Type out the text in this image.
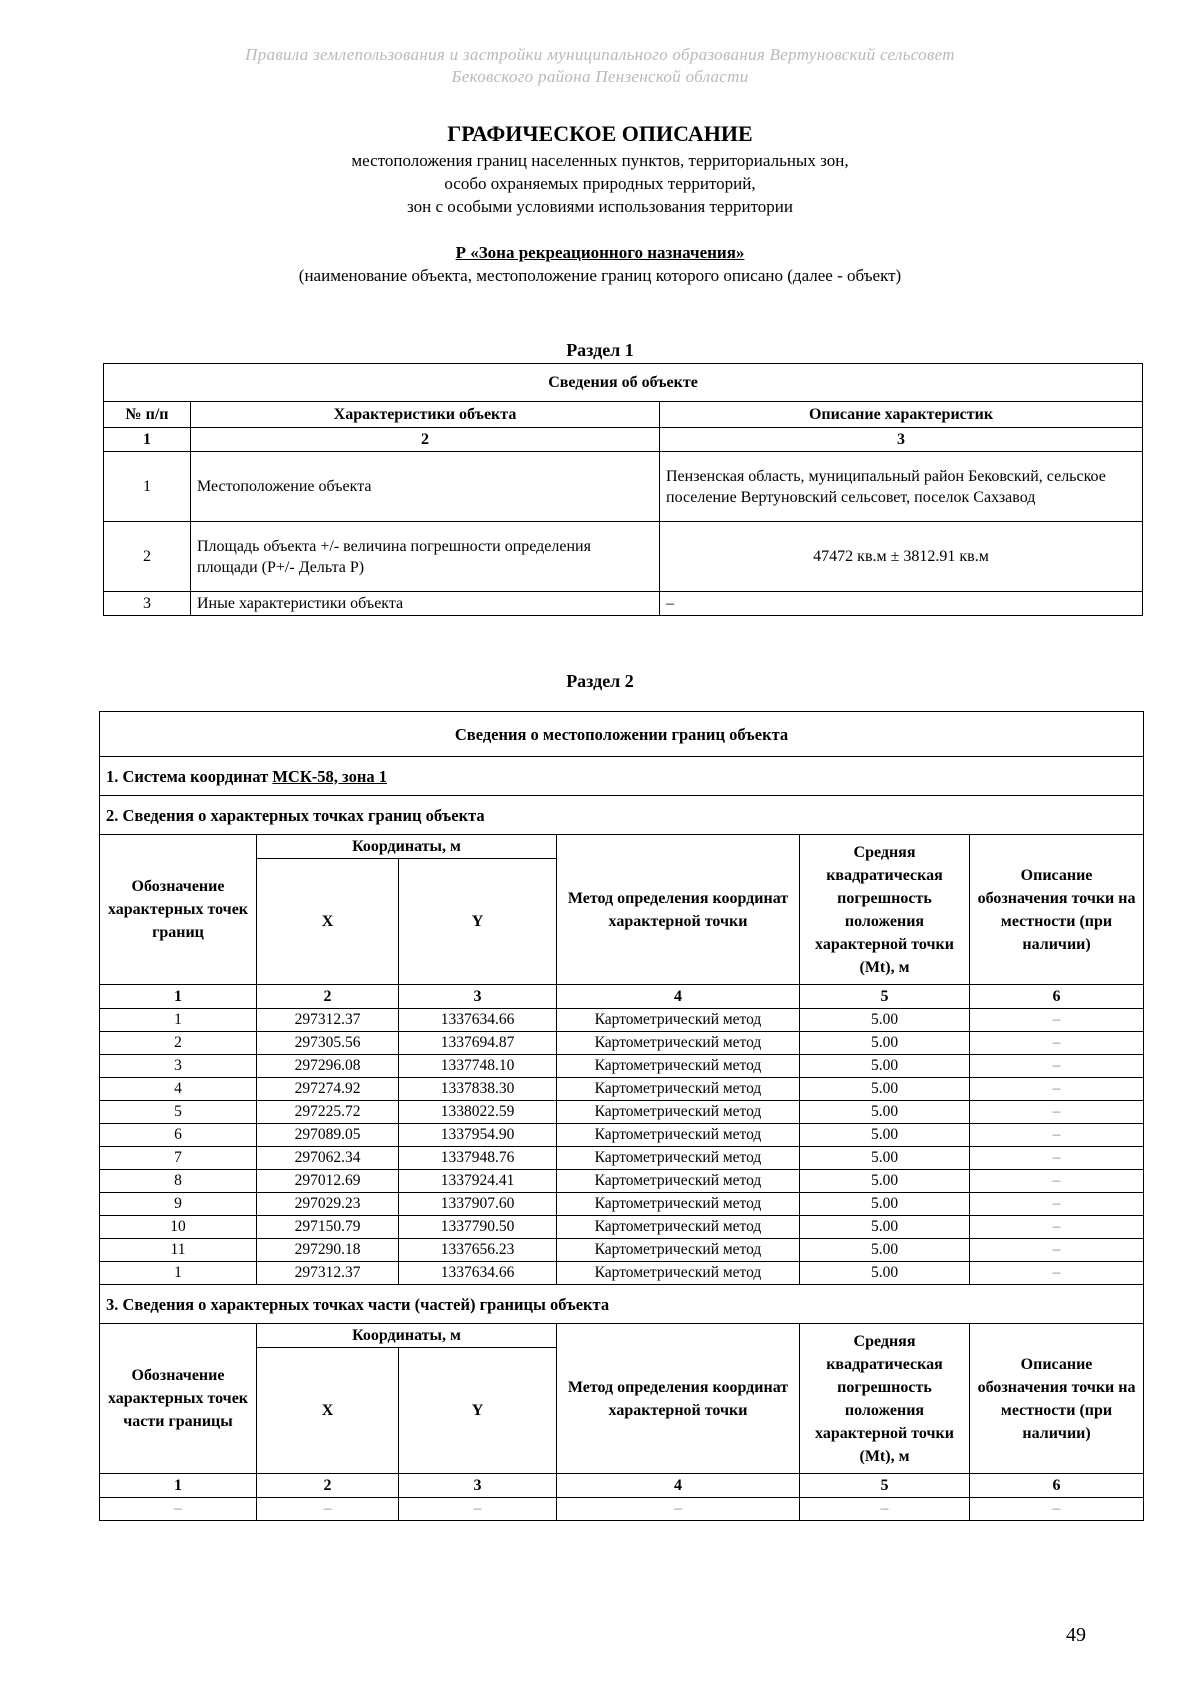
Правила землепользования и застройки муниципального образования Вертуновский сельсовет
Бековского района Пензенской области
ГРАФИЧЕСКОЕ ОПИСАНИЕ
местоположения границ населенных пунктов, территориальных зон,
особо охраняемых природных территорий,
зон с особыми условиями использования территории
Р «Зона рекреационного назначения»
(наименование объекта, местоположение границ которого описано (далее - объект)
Раздел 1
Сведения об объекте		
№ п/п	Характеристики объекта	Описание характеристик
1	2	3
1	Местоположение объекта	Пензенская область, муниципальный район Бековский, сельское поселение Вертуновский сельсовет, поселок Сахзавод
2	Площадь объекта +/- величина погрешности определения площади (Р+/- Дельта Р)	47472 кв.м ± 3812.91 кв.м
3	Иные характеристики объекта	–
Раздел 2
Сведения о местоположении границ объекта					
1. Система координат МСК-58, зона 1					
2. Сведения о характерных точках границ объекта					
Обозначение характерных точек границ	Координаты, м		Метод определения координат характерной точки	Средняя квадратическая погрешность положения характерной точки (Mt), м	Описание обозначения точки на местности (при наличии)
	X	Y			
1	2	3	4	5	6
1	297312.37	1337634.66	Картометрический метод	5.00	–
2	297305.56	1337694.87	Картометрический метод	5.00	–
3	297296.08	1337748.10	Картометрический метод	5.00	–
4	297274.92	1337838.30	Картометрический метод	5.00	–
5	297225.72	1338022.59	Картометрический метод	5.00	–
6	297089.05	1337954.90	Картометрический метод	5.00	–
7	297062.34	1337948.76	Картометрический метод	5.00	–
8	297012.69	1337924.41	Картометрический метод	5.00	–
9	297029.23	1337907.60	Картометрический метод	5.00	–
10	297150.79	1337790.50	Картометрический метод	5.00	–
11	297290.18	1337656.23	Картометрический метод	5.00	–
1	297312.37	1337634.66	Картометрический метод	5.00	–
3. Сведения о характерных точках части (частей) границы объекта					
Обозначение характерных точек части границы	Координаты, м		Метод определения координат характерной точки	Средняя квадратическая погрешность положения характерной точки (Mt), м	Описание обозначения точки на местности (при наличии)
	X	Y			
1	2	3	4	5	6
–	–	–	–	–	–
49
